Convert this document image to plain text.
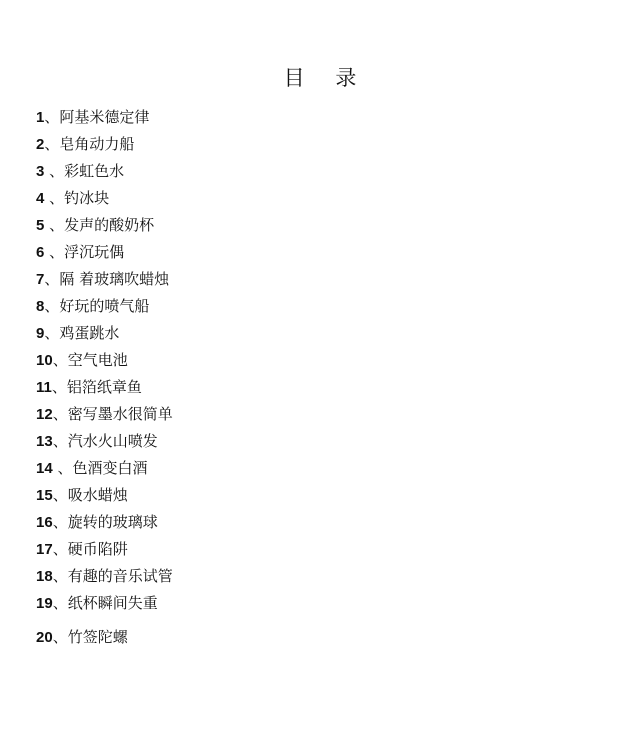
目 录
1、阿基米德定律
2、皂角动力船
3 、彩虹色水
4 、钓冰块
5 、发声的酸奶杯
6 、浮沉玩偶
7、隔 着玻璃吹蜡烛
8、好玩的喷气船
9、鸡蛋跳水
10、空气电池
11、铝箔纸章鱼
12、密写墨水很简单
13、汽水火山喷发
14 、色酒变白酒
15、吸水蜡烛
16、旋转的玻璃球
17、硬币陷阱
18、有趣的音乐试管
19、纸杯瞬间失重
20、竹签陀螺
